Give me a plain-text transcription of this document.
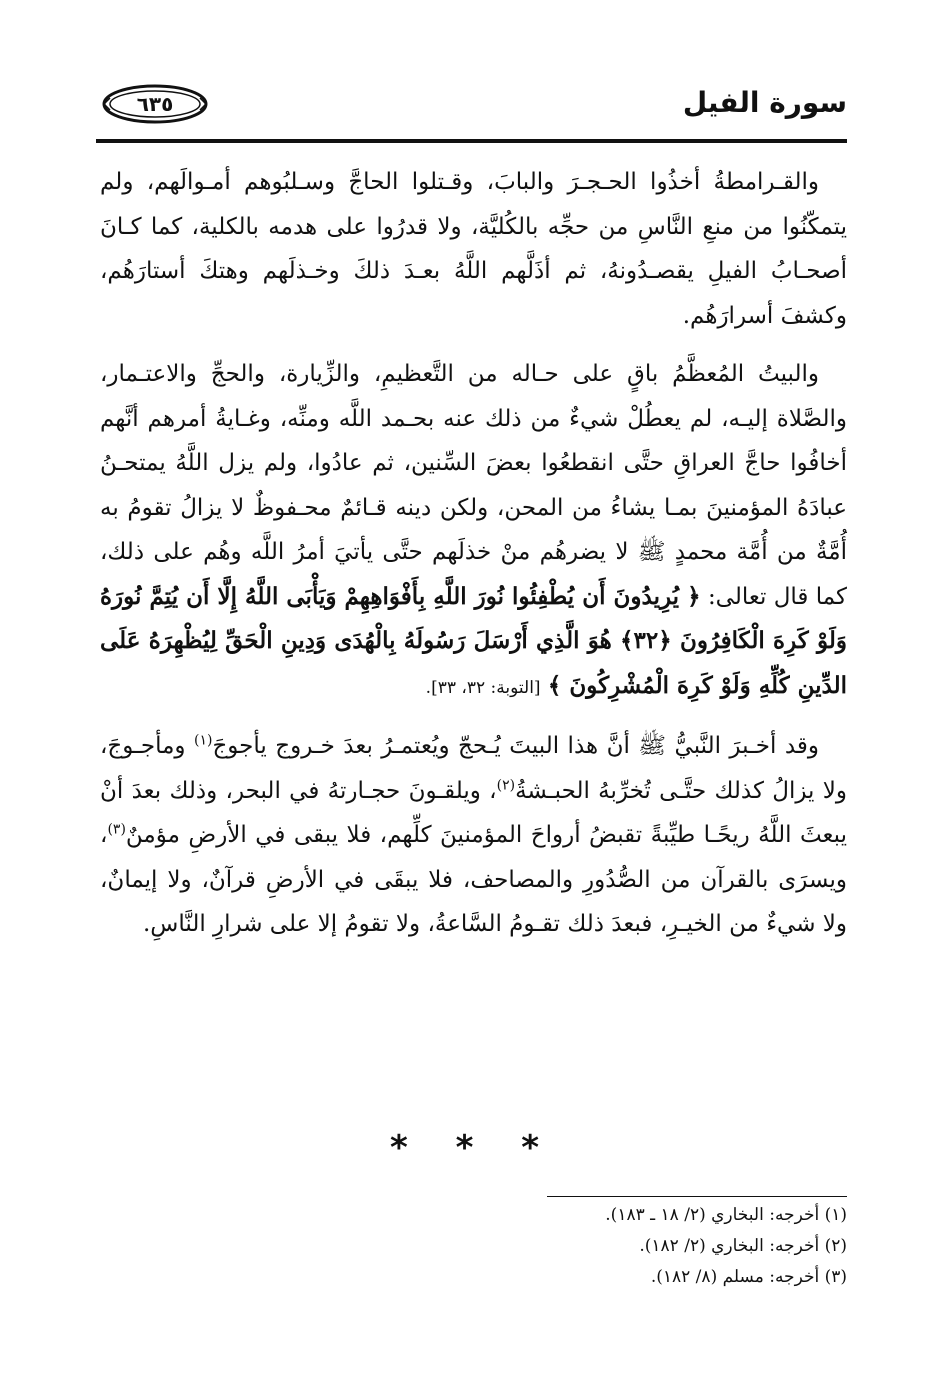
سورة الفيل
٦٣٥

والقـرامطةُ أخذُوا الحـجـرَ والبابَ، وقـتلوا الحاجَّ وسـلبُوهم أمـوالَهم، ولم يتمكّنُوا من منعِ النَّاسِ من حجِّه بالكُليَّة، ولا قدرُوا على هدمه بالكلية، كما كـانَ أصحـابُ الفيلِ يقصـدُونهُ، ثم أذَلَّهم اللَّهُ بعـدَ ذلكَ وخـذلَهم وهتكَ أستارَهُم، وكشفَ أسرارَهُم.

والبيتُ المُعظَّمُ باقٍ على حـاله من التَّعظيمِ، والزِّيارة، والحجِّ والاعتـمار، والصَّلاة إليـه، لم يعطُلْ شيءٌ من ذلك عنه بحـمد اللَّه ومنِّه، وغـايةُ أمرهم أنَّهم أخافُوا حاجَّ العراقِ حتَّى انقطعُوا بعضَ السِّنين، ثم عادُوا، ولم يزل اللَّهُ يمتحـنُ عبادَهُ المؤمنينَ بمـا يشاءُ من المحن، ولكن دينه قـائمٌ محـفوظٌ لا يزالُ تقومُ به أُمَّةٌ من أُمَّة محمدٍ ﷺ لا يضرهُم منْ خذلَهم حتَّى يأتيَ أمرُ اللَّه وهُم على ذلك، كما قال تعالى: ﴿ يُرِيدُونَ أَن يُطْفِئُوا نُورَ اللَّهِ بِأَفْوَاهِهِمْ وَيَأْبَى اللَّهُ إِلَّا أَن يُتِمَّ نُورَهُ وَلَوْ كَرِهَ الْكَافِرُونَ ﴿٣٢﴾ هُوَ الَّذِي أَرْسَلَ رَسُولَهُ بِالْهُدَى وَدِينِ الْحَقِّ لِيُظْهِرَهُ عَلَى الدِّينِ كُلِّهِ وَلَوْ كَرِهَ الْمُشْرِكُونَ ﴾ [التوبة: ٣٢، ٣٣].

وقد أخـبرَ النَّبيُّ ﷺ أنَّ هذا البيتَ يُـحجّ ويُعتمـرُ بعدَ خـروج يأجوجَ$^{(١)}$ ومأجـوجَ، ولا يزالُ كذلك حتَّـى تُخرِّبهُ الحبـشةُ$^{(٢)}$، ويلقـونَ حجـارتهُ في البحر، وذلك بعدَ أنْ يبعثَ اللَّهُ ريحًـا طيِّبةً تقبضُ أرواحَ المؤمنينَ كلِّهم، فلا يبقى في الأرضِ مؤمنٌ$^{(٣)}$، ويسرَى بالقرآن من الصُّدُورِ والمصاحف، فلا يبقَى في الأرضِ قرآنٌ، ولا إيمانٌ، ولا شيءٌ من الخيـرِ، فبعدَ ذلك تقـومُ السَّاعةُ، ولا تقومُ إلا على شرارِ النَّاسِ.

* * *

(١) أخرجه: البخاري (٢/ ١٨ ـ ١٨٣).

(٢) أخرجه: البخاري (٢/ ١٨٢).

(٣) أخرجه: مسلم (٨/ ١٨٢).
